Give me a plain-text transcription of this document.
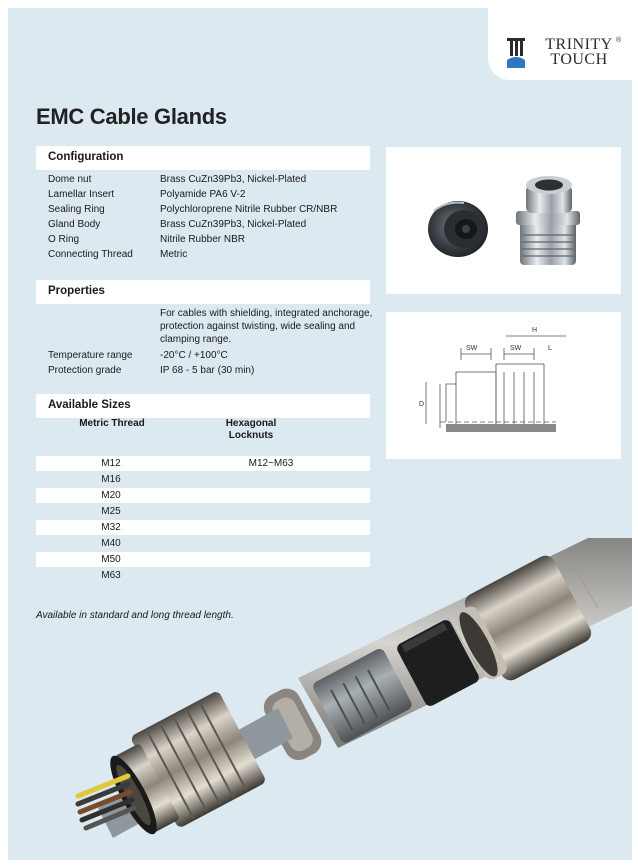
EMC Cable Glands
Configuration
Dome nut	Brass CuZn39Pb3, Nickel-Plated
Lamellar Insert	Polyamide PA6 V-2
Sealing Ring	Polychloroprene Nitrile Rubber CR/NBR
Gland Body	Brass CuZn39Pb3, Nickel-Plated
O Ring	Nitrile Rubber NBR
Connecting Thread	Metric
Properties
For cables with shielding, integrated anchorage, protection against twisting, wide sealing and clamping range.
Temperature range	-20°C / +100°C
Protection grade	IP 68 - 5 bar (30 min)
Available Sizes
Metric Thread	Hexagonal
Locknuts
M12	M12~M63
M16
M20
M25
M32
M40
M50
M63
Available in standard and long thread length.
SW	SW
H
L
D
TRINITY
TOUCH
®
